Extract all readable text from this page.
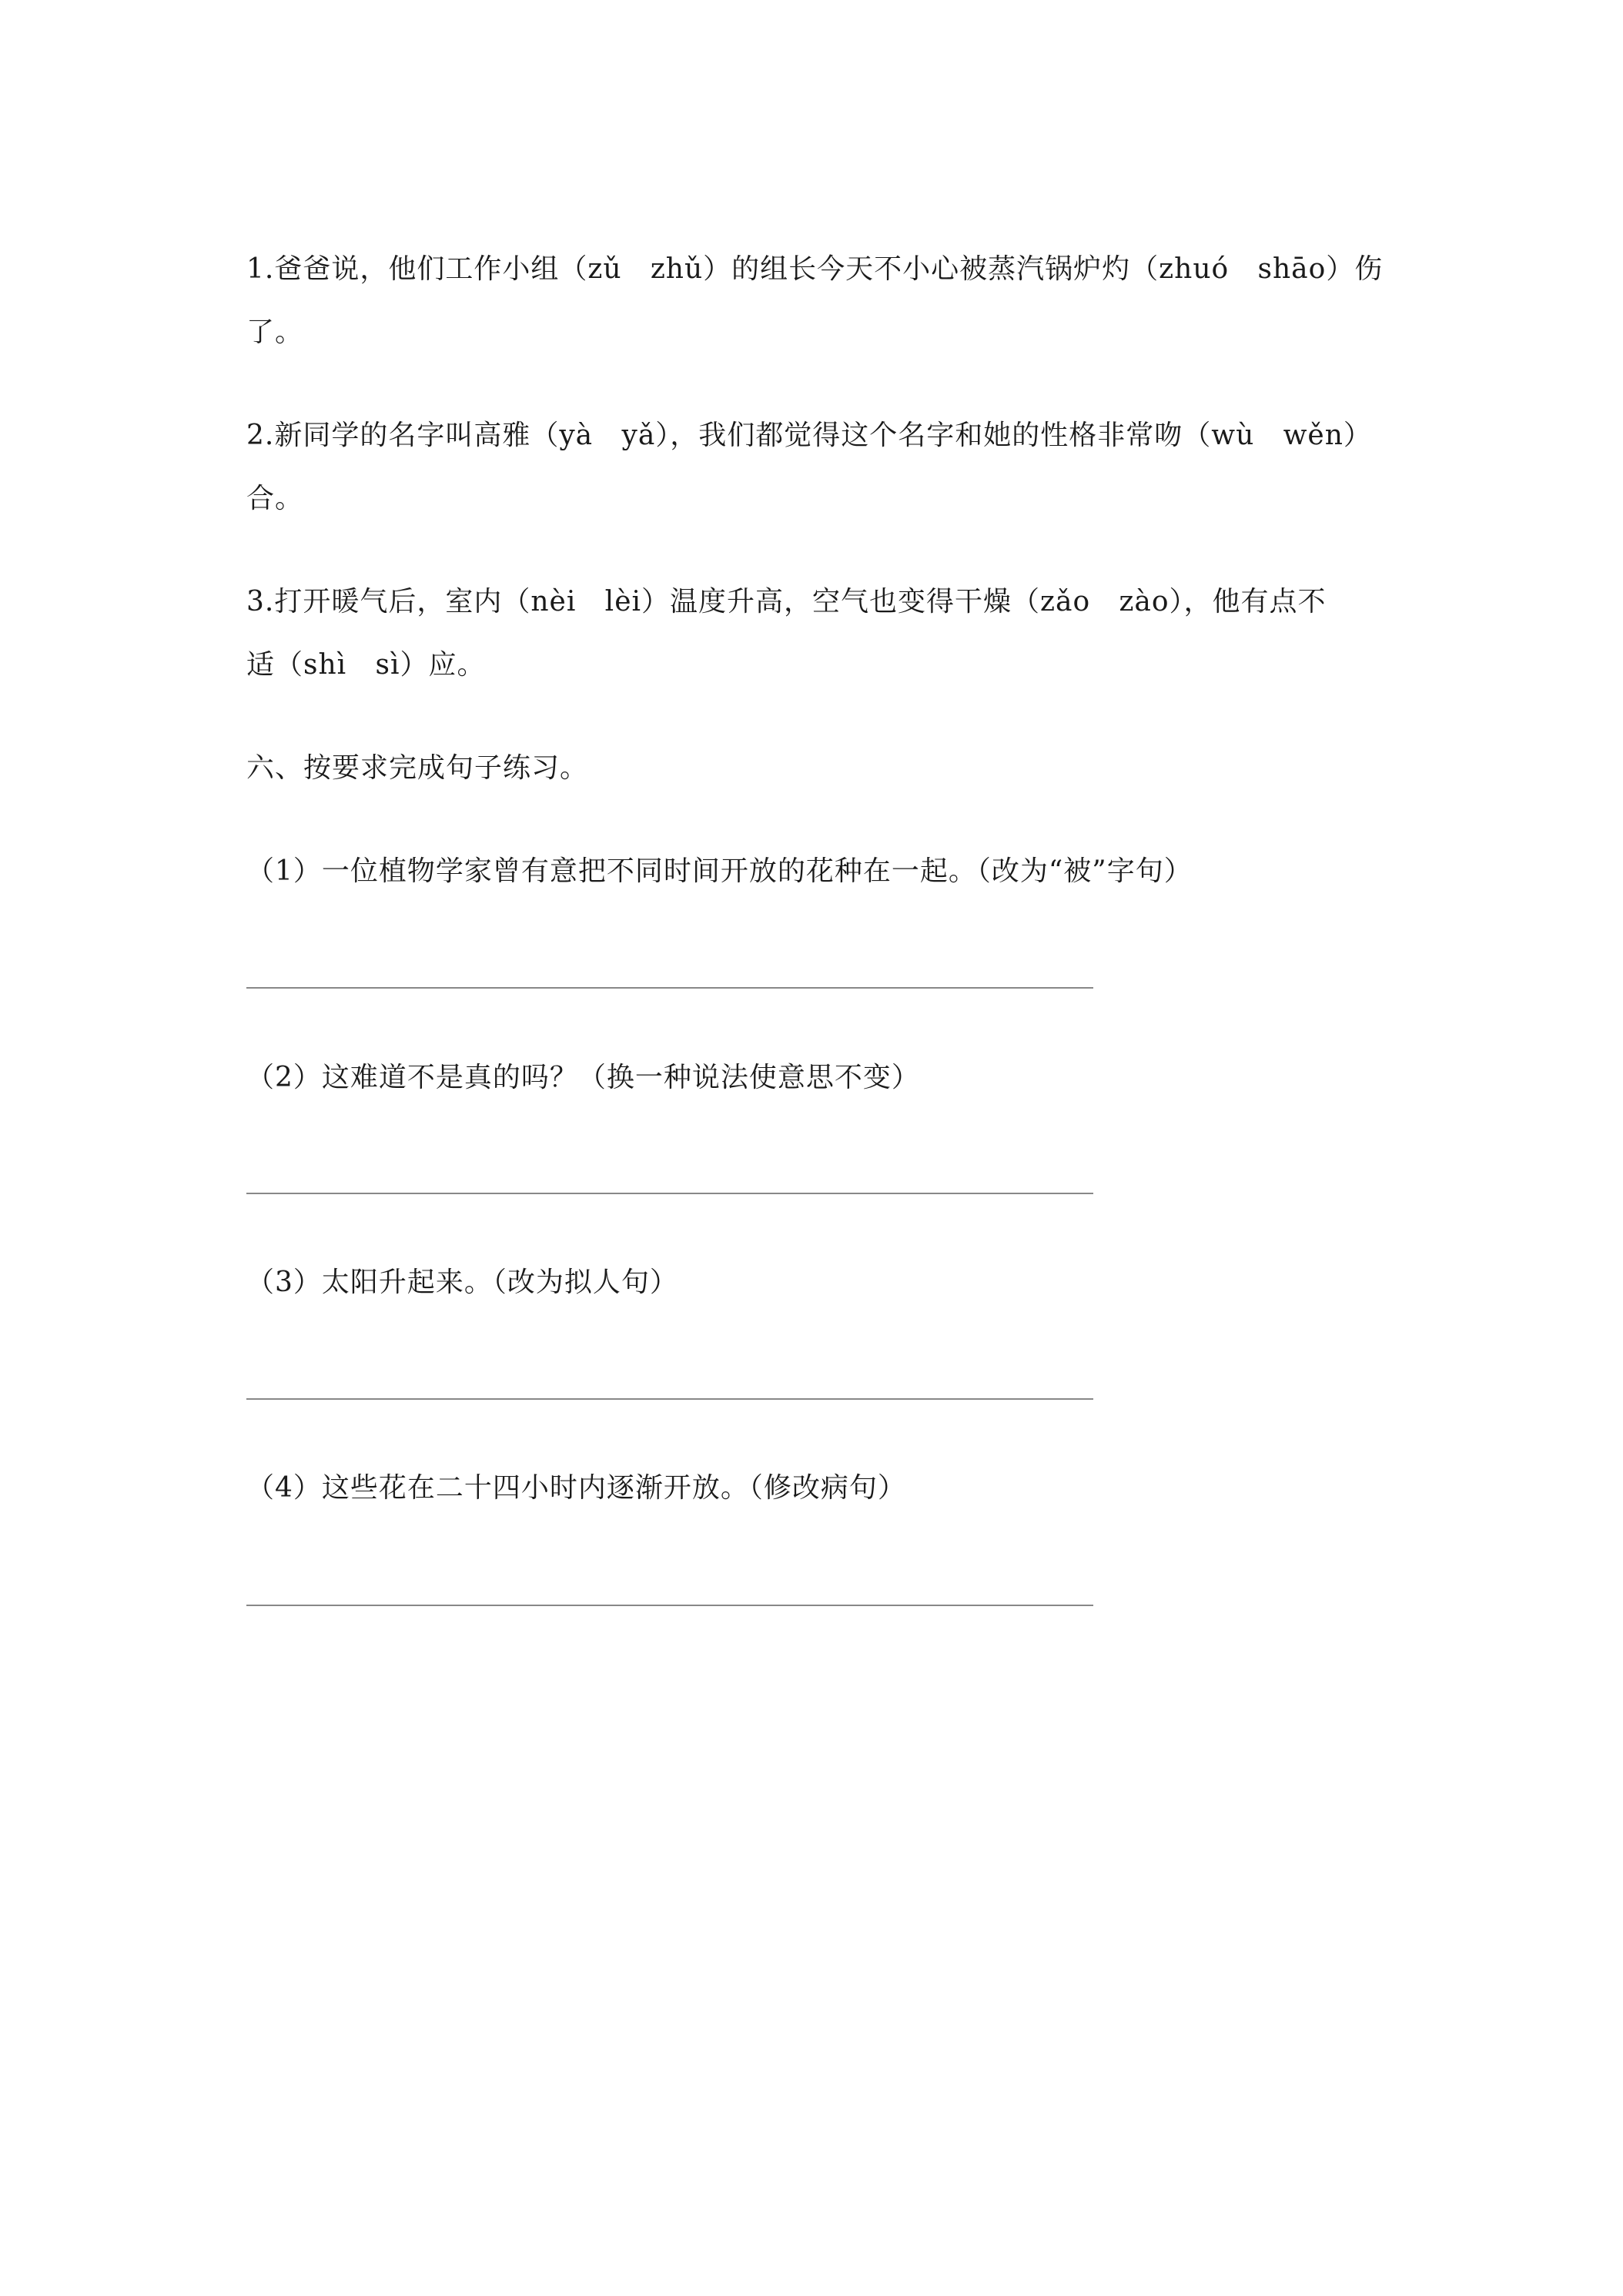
1.爸爸说，他们工作小组（zǔ   zhǔ）的组长今天不小心被蒸汽锅炉灼（zhuó   shāo）伤
了。
2.新同学的名字叫高雅（yà   yǎ），我们都觉得这个名字和她的性格非常吻（wù   wěn）
合。
3.打开暖气后，室内（nèi   lèi）温度升高，空气也变得干燥（zǎo   zào），他有点不
适（shì   sì）应。
六、按要求完成句子练习。
（1）一位植物学家曾有意把不同时间开放的花种在一起。（改为“被”字句）
（2）这难道不是真的吗？（换一种说法使意思不变）
（3）太阳升起来。（改为拟人句）
（4）这些花在二十四小时内逐渐开放。（修改病句）
